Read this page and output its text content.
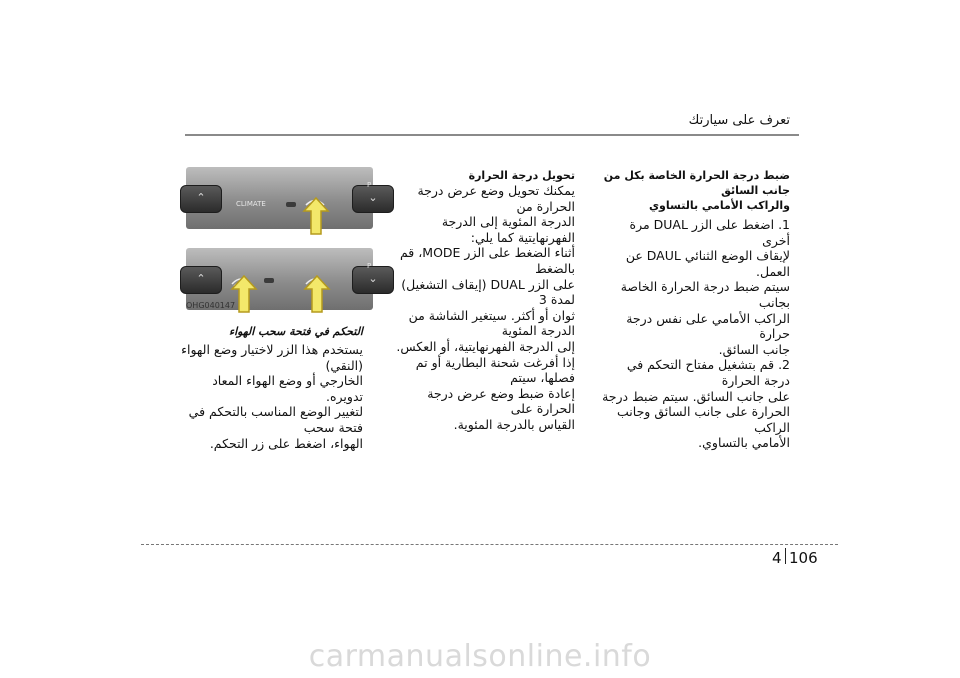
تعرف على سيارتك

ضبط درجة الحرارة الخاصة بكل من جانب السائق

والراكب الأمامي بالتساوي

1. اضغط على الزر DUAL مرة أخرى

لإيقاف الوضع الثنائي DAUL عن العمل.

سيتم ضبط درجة الحرارة الخاصة بجانب

الراكب الأمامي على نفس درجة حرارة

جانب السائق.

2. قم بتشغيل مفتاح التحكم في درجة الحرارة

على جانب السائق. سيتم ضبط درجة

الحرارة على جانب السائق وجانب الراكب

الأمامي بالتساوي.

تحويل درجة الحرارة

يمكنك تحويل وضع عرض درجة الحرارة من

الدرجة المئوية إلى الدرجة الفهرنهايتية كما يلي:

أثناء الضغط على الزر MODE، قم بالضغط

على الزر DUAL (إيقاف التشغيل) لمدة 3

ثوان أو أكثر. سيتغير الشاشة من الدرجة المئوية

إلى الدرجة الفهرنهايتية، أو العكس.

إذا أفرغت شحنة البطارية أو تم فصلها، سيتم

إعادة ضبط وضع عرض درجة الحرارة على

القياس بالدرجة المئوية.

⌃	⌄
CLIMATE
P
⌃	⌄
P
OHG040147

التحكم في فتحة سحب الهواء

يستخدم هذا الزر لاختيار وضع الهواء (النقي)

الخارجي أو وضع الهواء المعاد تدويره.

لتغيير الوضع المناسب بالتحكم في فتحة سحب

الهواء، اضغط على زر التحكم.

4 106
carmanualsonline.info
